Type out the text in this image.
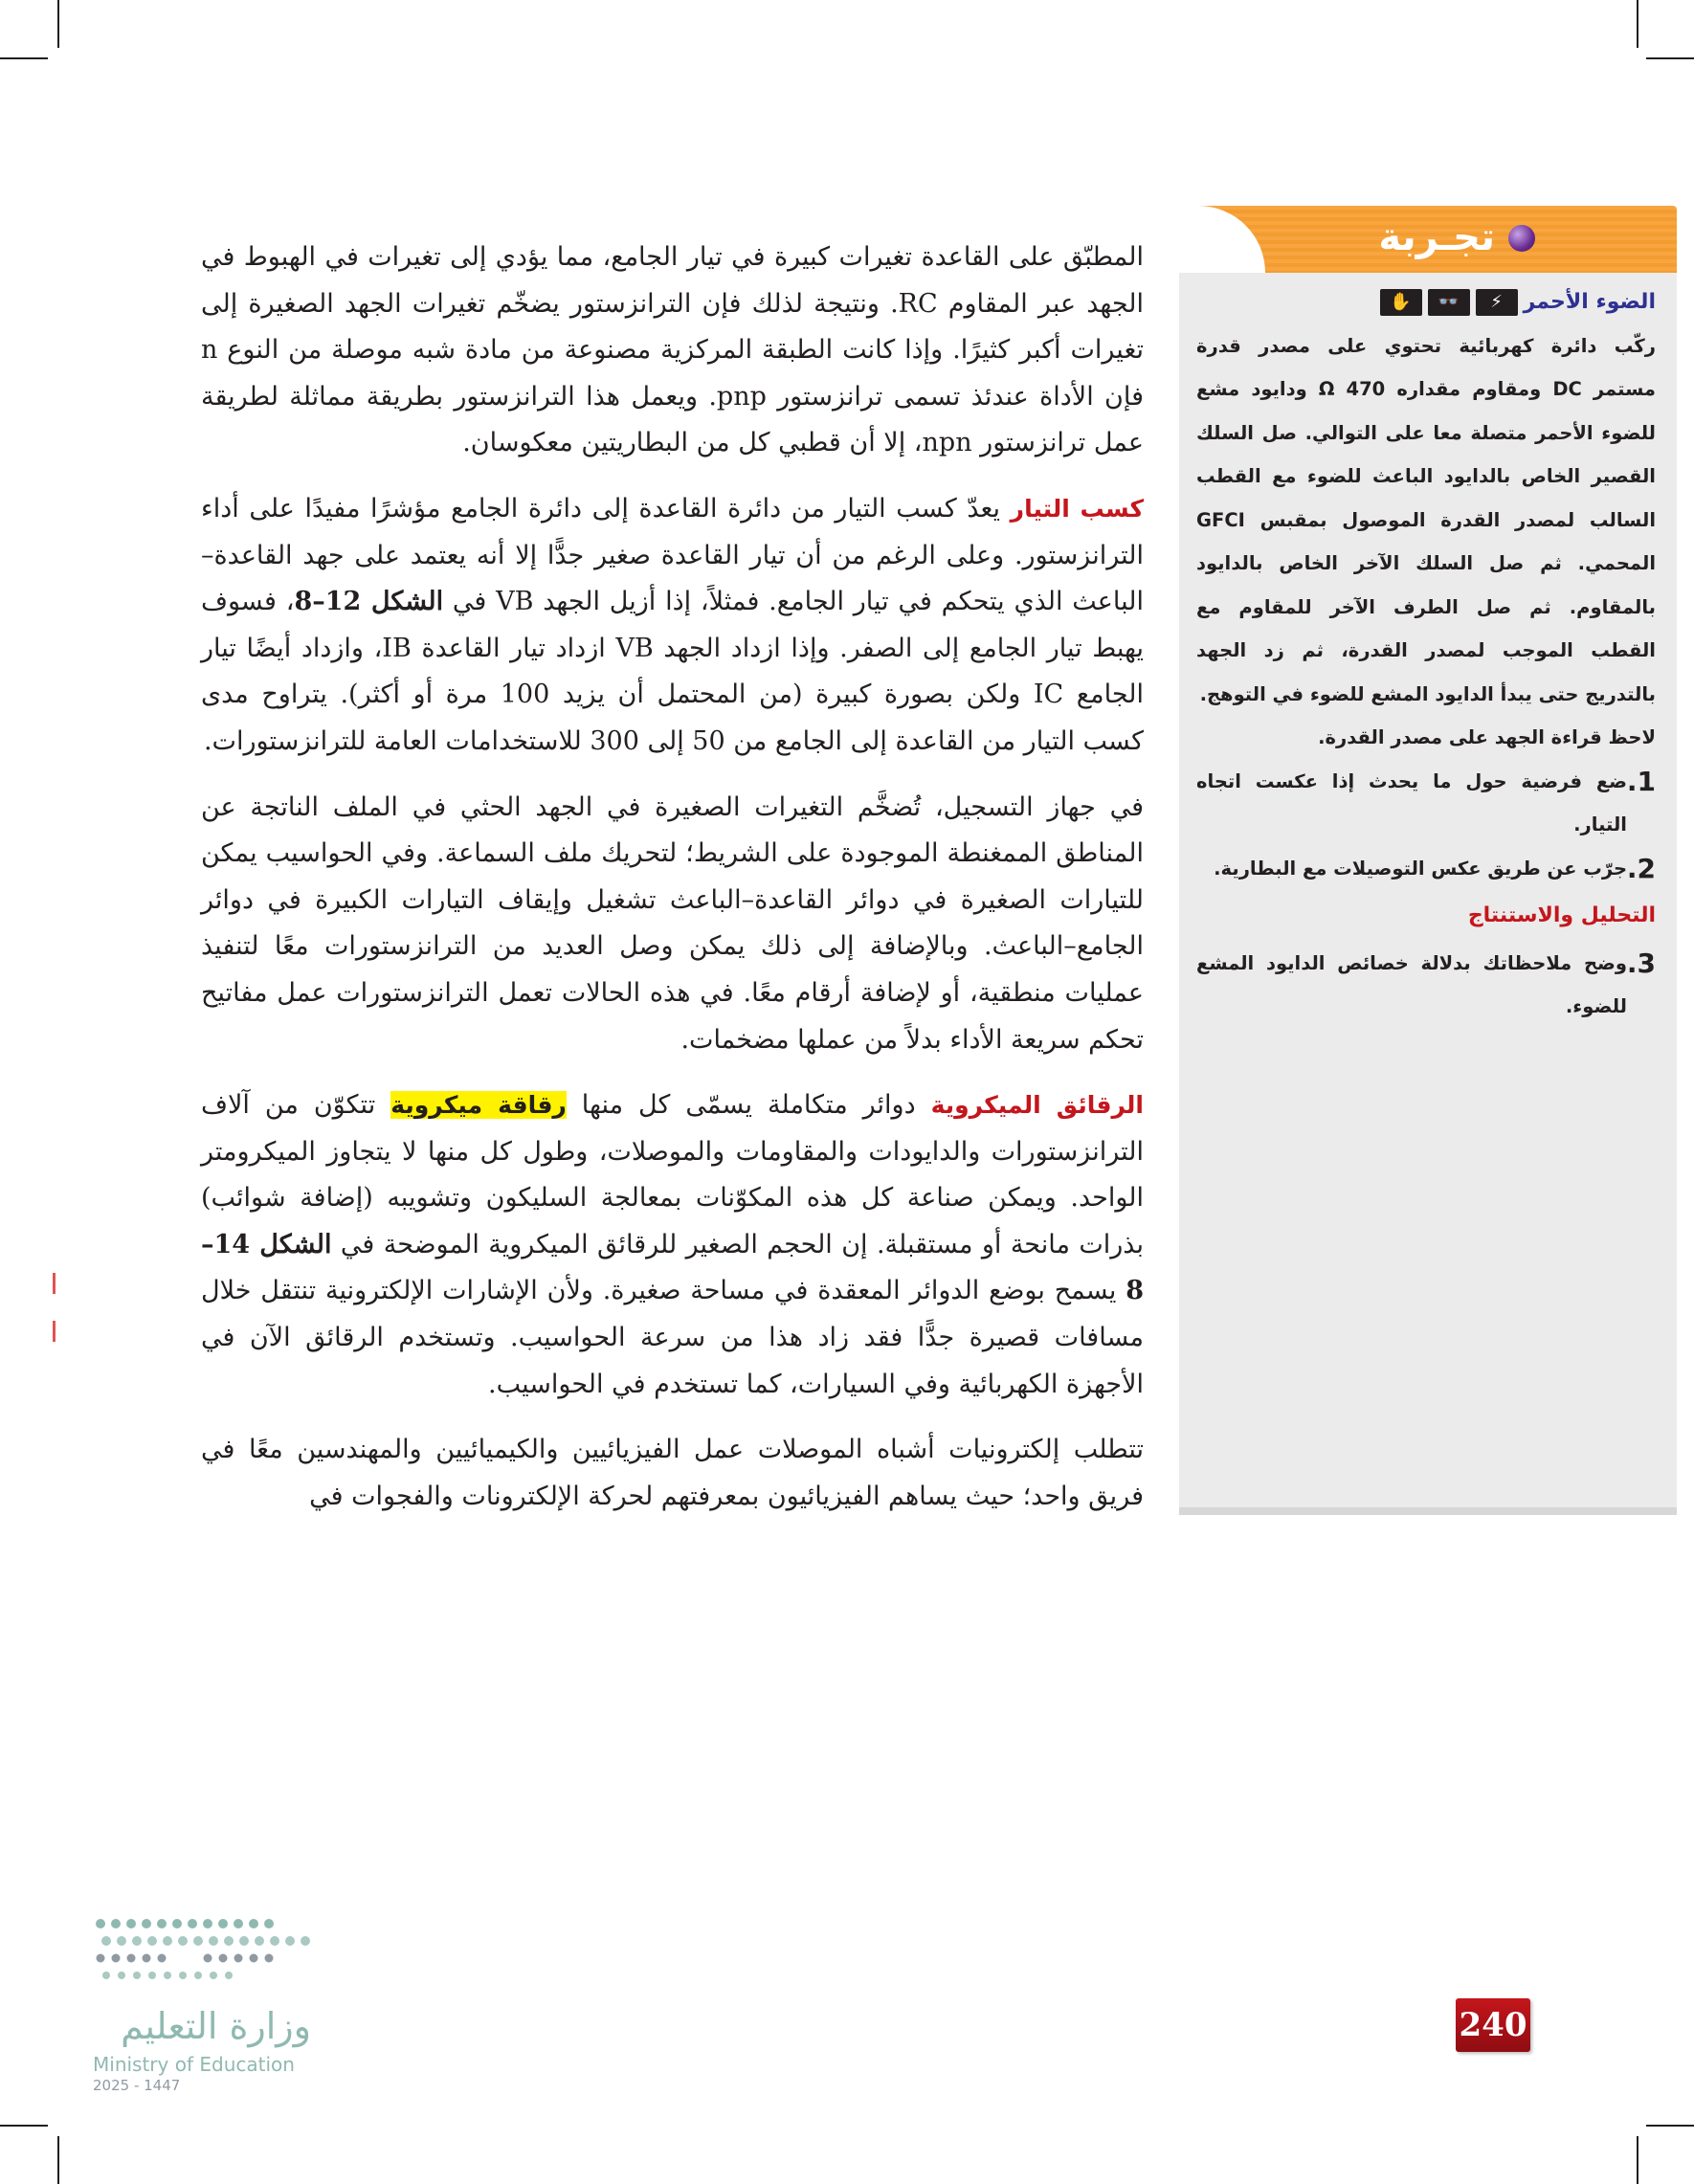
المطبّق على القاعدة تغيرات كبيرة في تيار الجامع، مما يؤدي إلى تغيرات في الهبوط في الجهد عبر المقاوم RC. ونتيجة لذلك فإن الترانزستور يضخّم تغيرات الجهد الصغيرة إلى تغيرات أكبر كثيرًا. وإذا كانت الطبقة المركزية مصنوعة من مادة شبه موصلة من النوع n فإن الأداة عندئذ تسمى ترانزستور pnp. ويعمل هذا الترانزستور بطريقة مماثلة لطريقة عمل ترانزستور npn، إلا أن قطبي كل من البطاريتين معكوسان.

كسب التيار يعدّ كسب التيار من دائرة القاعدة إلى دائرة الجامع مؤشرًا مفيدًا على أداء الترانزستور. وعلى الرغم من أن تيار القاعدة صغير جدًّا إلا أنه يعتمد على جهد القاعدة– الباعث الذي يتحكم في تيار الجامع. فمثلاً، إذا أزيل الجهد VB في الشكل 12–8، فسوف يهبط تيار الجامع إلى الصفر. وإذا ازداد الجهد VB ازداد تيار القاعدة IB، وازداد أيضًا تيار الجامع IC ولكن بصورة كبيرة (من المحتمل أن يزيد 100 مرة أو أكثر). يتراوح مدى كسب التيار من القاعدة إلى الجامع من 50 إلى 300 للاستخدامات العامة للترانزستورات.

في جهاز التسجيل، تُضخَّم التغيرات الصغيرة في الجهد الحثي في الملف الناتجة عن المناطق الممغنطة الموجودة على الشريط؛ لتحريك ملف السماعة. وفي الحواسيب يمكن للتيارات الصغيرة في دوائر القاعدة–الباعث تشغيل وإيقاف التيارات الكبيرة في دوائر الجامع–الباعث. وبالإضافة إلى ذلك يمكن وصل العديد من الترانزستورات معًا لتنفيذ عمليات منطقية، أو لإضافة أرقام معًا. في هذه الحالات تعمل الترانزستورات عمل مفاتيح تحكم سريعة الأداء بدلاً من عملها مضخمات.

الرقائق الميكروية دوائر متكاملة يسمّى كل منها رقاقة ميكروية تتكوّن من آلاف الترانزستورات والدايودات والمقاومات والموصلات، وطول كل منها لا يتجاوز الميكرومتر الواحد. ويمكن صناعة كل هذه المكوّنات بمعالجة السليكون وتشويبه (إضافة شوائب) بذرات مانحة أو مستقبلة. إن الحجم الصغير للرقائق الميكروية الموضحة في الشكل 14–8 يسمح بوضع الدوائر المعقدة في مساحة صغيرة. ولأن الإشارات الإلكترونية تنتقل خلال مسافات قصيرة جدًّا فقد زاد هذا من سرعة الحواسيب. وتستخدم الرقائق الآن في الأجهزة الكهربائية وفي السيارات، كما تستخدم في الحواسيب.

تتطلب إلكترونيات أشباه الموصلات عمل الفيزيائيين والكيميائيين والمهندسين معًا في فريق واحد؛ حيث يساهم الفيزيائيون بمعرفتهم لحركة الإلكترونات والفجوات في

تجـربة
الضوء الأحمر
⚡
👓
✋

ركّب دائرة كهربائية تحتوي على مصدر قدرة مستمر DC ومقاوم مقداره Ω 470 ودايود مشع للضوء الأحمر متصلة معا على التوالي. صل السلك القصير الخاص بالدايود الباعث للضوء مع القطب السالب لمصدر القدرة الموصول بمقبس GFCI المحمي. ثم صل السلك الآخر الخاص بالدايود بالمقاوم. ثم صل الطرف الآخر للمقاوم مع القطب الموجب لمصدر القدرة، ثم زد الجهد بالتدريج حتى يبدأ الدايود المشع للضوء في التوهج.

لاحظ قراءة الجهد على مصدر القدرة.

1.
ضع فرضية حول ما يحدث إذا عكست اتجاه التيار.
2.
جرّب عن طريق عكس التوصيلات مع البطارية.
التحليل والاستنتاج
3.
وضح ملاحظاتك بدلالة خصائص الدايود المشع للضوء.
240
وزارة التعليم
Ministry of Education
2025 - 1447
